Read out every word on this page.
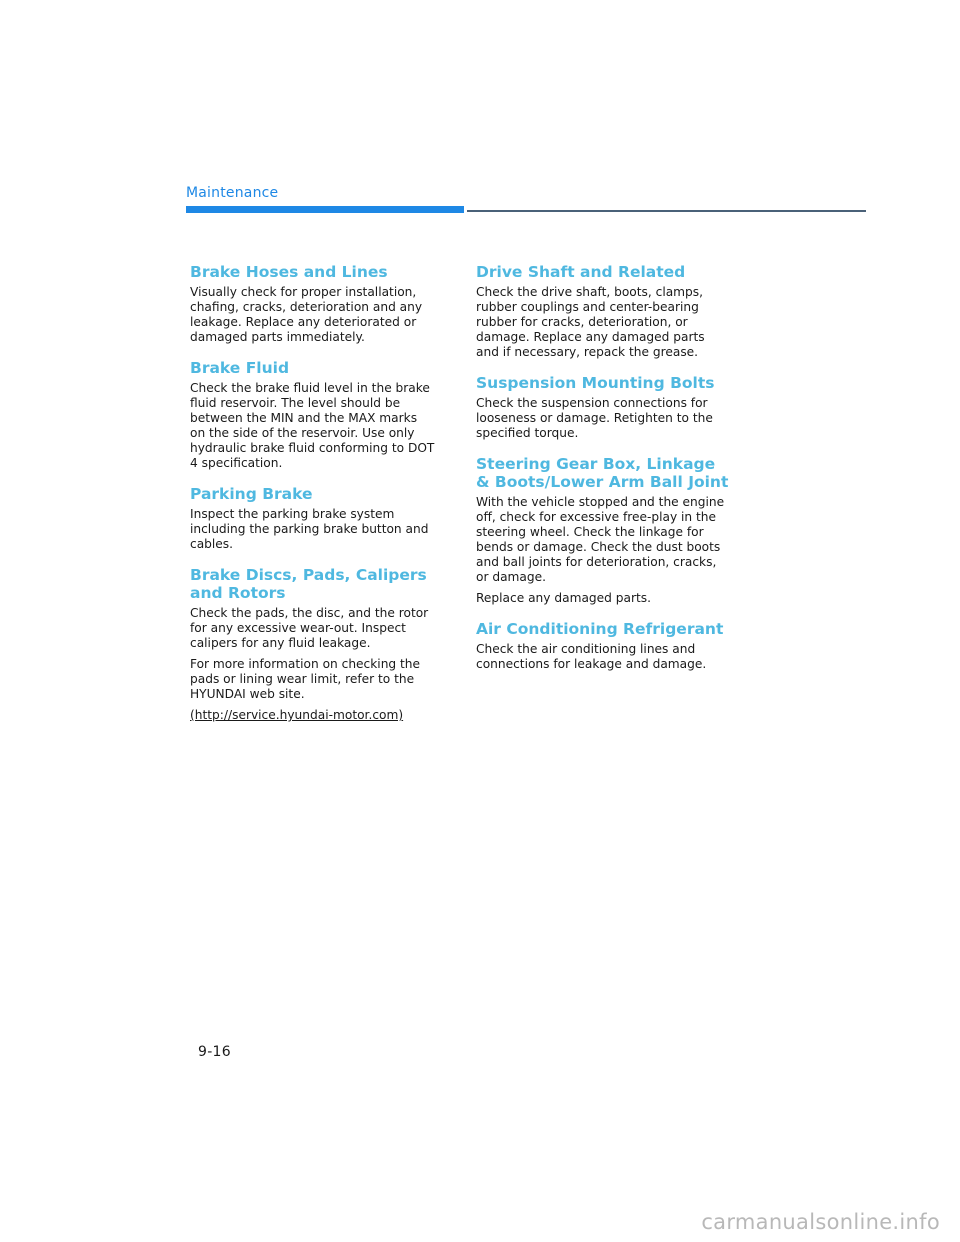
Maintenance
Brake Hoses and Lines

Visually check for proper installation,
chafing, cracks, deterioration and any
leakage. Replace any deteriorated or
damaged parts immediately.

Brake Fluid

Check the brake fluid level in the brake
fluid reservoir. The level should be
between the MIN and the MAX marks
on the side of the reservoir. Use only
hydraulic brake fluid conforming to DOT
4 specification.

Parking Brake

Inspect the parking brake system
including the parking brake button and
cables.

Brake Discs, Pads, Calipers and Rotors

Check the pads, the disc, and the rotor
for any excessive wear-out. Inspect
calipers for any fluid leakage.

For more information on checking the
pads or lining wear limit, refer to the
HYUNDAI web site.

(http://service.hyundai-motor.com)

Drive Shaft and Related

Check the drive shaft, boots, clamps,
rubber couplings and center-bearing
rubber for cracks, deterioration, or
damage. Replace any damaged parts
and if necessary, repack the grease.

Suspension Mounting Bolts

Check the suspension connections for
looseness or damage. Retighten to the
specified torque.

Steering Gear Box, Linkage & Boots/Lower Arm Ball Joint

With the vehicle stopped and the engine
off, check for excessive free-play in the
steering wheel. Check the linkage for
bends or damage. Check the dust boots
and ball joints for deterioration, cracks,
or damage.

Replace any damaged parts.

Air Conditioning Refrigerant

Check the air conditioning lines and
connections for leakage and damage.

9-16
carmanualsonline.info
